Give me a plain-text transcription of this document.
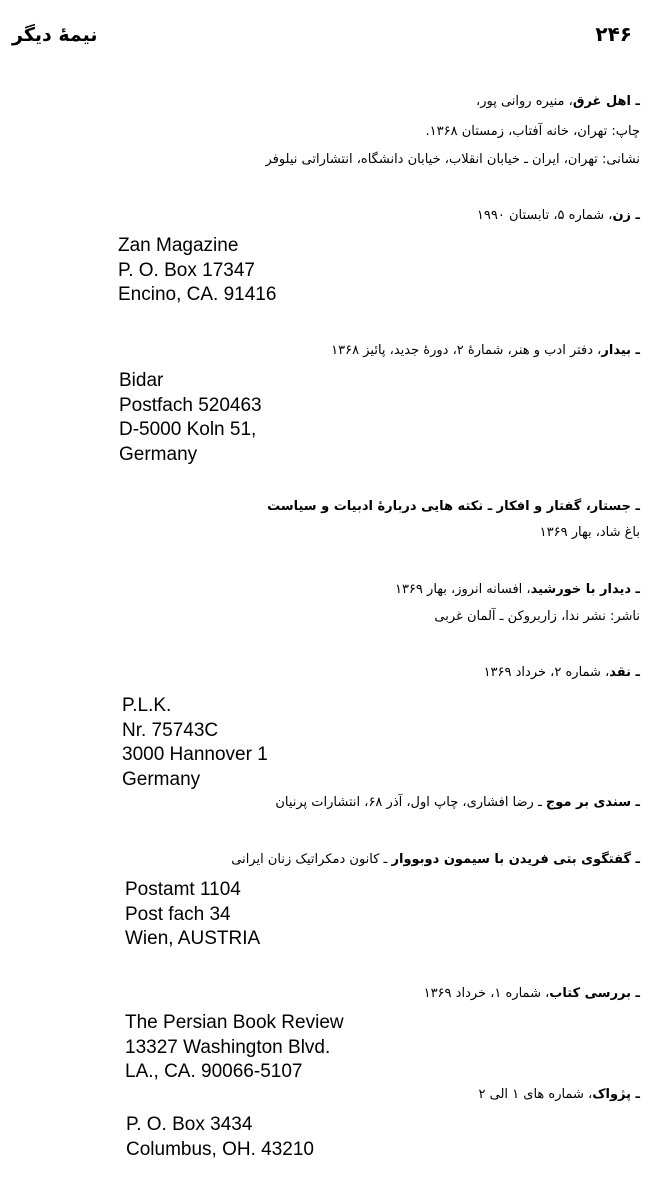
۲۴۶
نیمهٔ دیگر
ـ اهل غرق، منیره روانی پور،
چاپ: تهران، خانه آفتاب، زمستان ۱۳۶۸.
نشانی: تهران، ایران ـ خیابان انقلاب، خیابان دانشگاه، انتشاراتی نیلوفر
ـ زن، شماره ۵، تابستان ۱۹۹۰
Zan Magazine
P. O. Box 17347
Encino, CA. 91416
ـ بیدار، دفتر ادب و هنر، شمارهٔ ۲، دورهٔ جدید، پائیز ۱۳۶۸
Bidar
Postfach 520463
D-5000 Koln 51,
Germany
ـ جستار، گفتار و افکار ـ نکته هایی دربارهٔ ادبیات و سیاست
باغ شاد، بهار ۱۳۶۹
ـ دیدار با خورشید، افسانه انروز، بهار ۱۳۶۹
ناشر: نشر ندا، زاربروکن ـ آلمان غربی
ـ نقد، شماره ۲، خرداد ۱۳۶۹
P.L.K.
Nr. 75743C
3000 Hannover 1
Germany
ـ سندی بر موج ـ رضا افشاری، چاپ اول، آذر ۶۸، انتشارات پرنیان
ـ گفتگوی بتی فریدن با سیمون دوبووار ـ کانون دمکراتیک زنان ایرانی
Postamt 1104
Post fach 34
Wien, AUSTRIA
ـ بررسی کتاب، شماره ۱، خرداد ۱۳۶۹
The Persian Book Review
13327 Washington Blvd.
LA., CA. 90066-5107
ـ پژواک، شماره های ۱ الی ۲
P. O. Box 3434
Columbus, OH. 43210
